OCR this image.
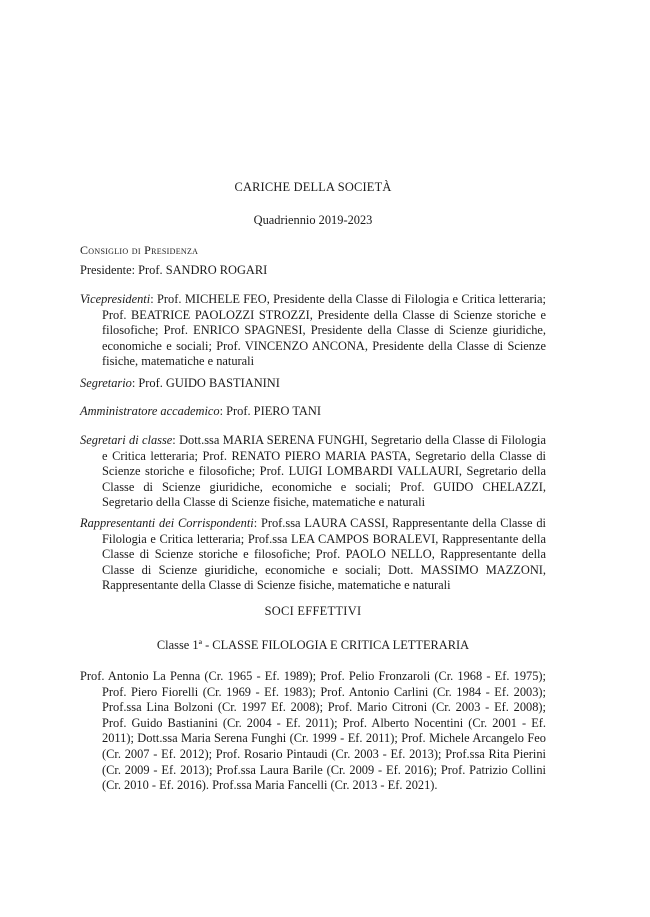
CARICHE DELLA SOCIETÀ
Quadriennio 2019-2023
Consiglio di Presidenza
Presidente: Prof. SANDRO ROGARI
Vicepresidenti: Prof. MICHELE FEO, Presidente della Classe di Filologia e Critica letteraria; Prof. BEATRICE PAOLOZZI STROZZI, Presidente della Classe di Scienze storiche e filosofiche; Prof. ENRICO SPAGNESI, Presidente della Classe di Scienze giuridiche, economiche e sociali; Prof. VINCENZO ANCONA, Presidente della Classe di Scienze fisiche, matematiche e naturali
Segretario: Prof. GUIDO BASTIANINI
Amministratore accademico: Prof. PIERO TANI
Segretari di classe: Dott.ssa MARIA SERENA FUNGHI, Segretario della Classe di Filologia e Critica letteraria; Prof. RENATO PIERO MARIA PASTA, Segretario della Classe di Scienze storiche e filosofiche; Prof. LUIGI LOMBARDI VALLAURI, Segretario della Classe di Scienze giuridiche, economiche e sociali; Prof. GUIDO CHELAZZI, Segretario della Classe di Scienze fisiche, matematiche e naturali
Rappresentanti dei Corrispondenti: Prof.ssa LAURA CASSI, Rappresentante della Classe di Filologia e Critica letteraria; Prof.ssa LEA CAMPOS BORALEVI, Rappresentante della Classe di Scienze storiche e filosofiche; Prof. PAOLO NELLO, Rappresentante della Classe di Scienze giuridiche, economiche e sociali; Dott. MASSIMO MAZZONI, Rappresentante della Classe di Scienze fisiche, matematiche e naturali
SOCI EFFETTIVI
Classe 1ª - CLASSE FILOLOGIA E CRITICA LETTERARIA
Prof. Antonio La Penna (Cr. 1965 - Ef. 1989); Prof. Pelio Fronzaroli (Cr. 1968 - Ef. 1975); Prof. Piero Fiorelli (Cr. 1969 - Ef. 1983); Prof. Antonio Carlini (Cr. 1984 - Ef. 2003); Prof.ssa Lina Bolzoni (Cr. 1997 Ef. 2008); Prof. Mario Citroni (Cr. 2003 - Ef. 2008); Prof. Guido Bastianini (Cr. 2004 - Ef. 2011); Prof. Alberto Nocentini (Cr. 2001 - Ef. 2011); Dott.ssa Maria Serena Funghi (Cr. 1999 - Ef. 2011); Prof. Michele Arcangelo Feo (Cr. 2007 - Ef. 2012); Prof. Rosario Pintaudi (Cr. 2003 - Ef. 2013); Prof.ssa Rita Pierini (Cr. 2009 - Ef. 2013); Prof.ssa Laura Barile (Cr. 2009 - Ef. 2016); Prof. Patrizio Collini (Cr. 2010 - Ef. 2016). Prof.ssa Maria Fancelli (Cr. 2013 - Ef. 2021).
